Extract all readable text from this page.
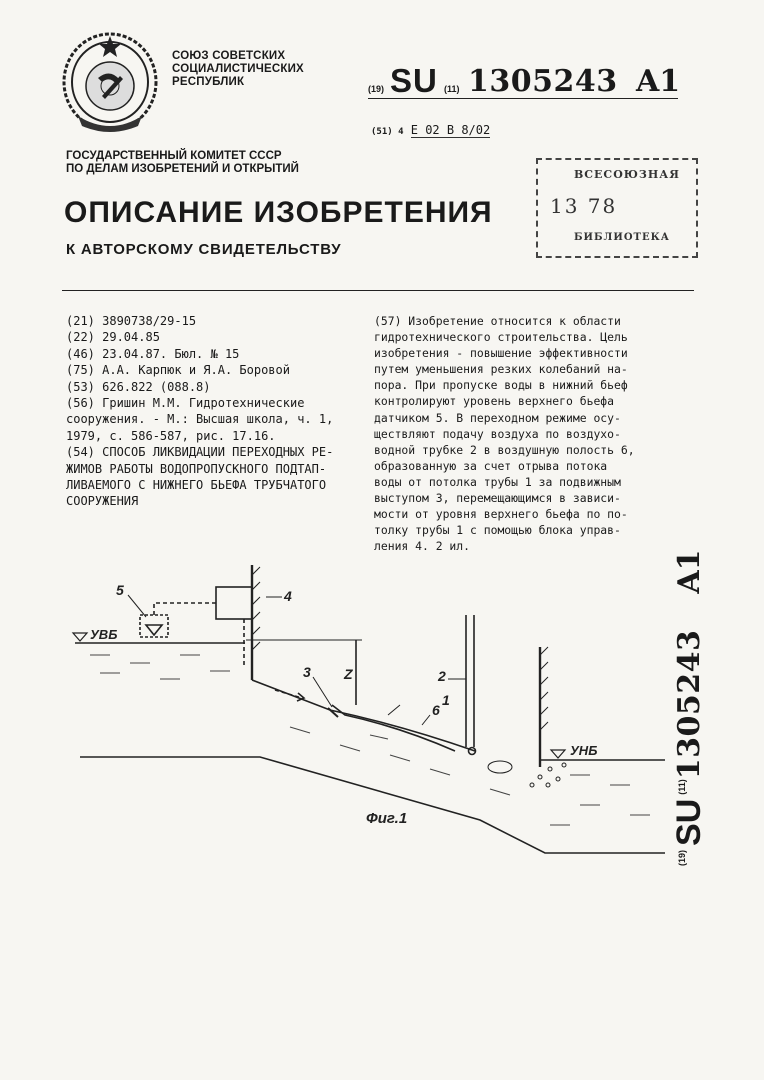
СОЮЗ СОВЕТСКИХ
СОЦИАЛИСТИЧЕСКИХ
РЕСПУБЛИК
(19) SU (11) 1305243 A1
(51) 4 E 02 B 8/02
ВСЕСОЮЗНАЯ
13 78
БИБЛИОТЕКА
ГОСУДАРСТВЕННЫЙ КОМИТЕТ СССР
ПО ДЕЛАМ ИЗОБРЕТЕНИЙ И ОТКРЫТИЙ
ОПИСАНИЕ ИЗОБРЕТЕНИЯ
К АВТОРСКОМУ СВИДЕТЕЛЬСТВУ
(21) 3890738/29-15
(22) 29.04.85
(46) 23.04.87. Бюл. № 15
(75) А.А. Карпюк и Я.А. Боровой
(53) 626.822 (088.8)
(56) Гришин М.М. Гидротехнические
сооружения. - М.: Высшая школа, ч. 1,
1979, с. 586-587, рис. 17.16.
(54) СПОСОБ ЛИКВИДАЦИИ ПЕРЕХОДНЫХ РЕ-
ЖИМОВ РАБОТЫ ВОДОПРОПУСКНОГО ПОДТАП-
ЛИВАЕМОГО С НИЖНЕГО БЬЕФА ТРУБЧАТОГО
СООРУЖЕНИЯ
(57) Изобретение относится к области
гидротехнического строительства. Цель
изобретения - повышение эффективности
путем уменьшения резких колебаний на-
пора. При пропуске воды в нижний бьеф
контролируют уровень верхнего бьефа
датчиком 5. В переходном режиме осу-
ществляют подачу воздуха по воздухо-
водной трубке 2 в воздушную полость 6,
образованную за счет отрыва потока
воды от потолка трубы 1 за подвижным
выступом 3, перемещающимся в зависи-
мости от уровня верхнего бьефа по по-
толку трубы 1 с помощью блока управ-
ления 4. 2 ил.
(19)
SU
(11)
1305243
A1
УВБ
УНБ
Z
1
2
3
4
5
6
Фиг.1
